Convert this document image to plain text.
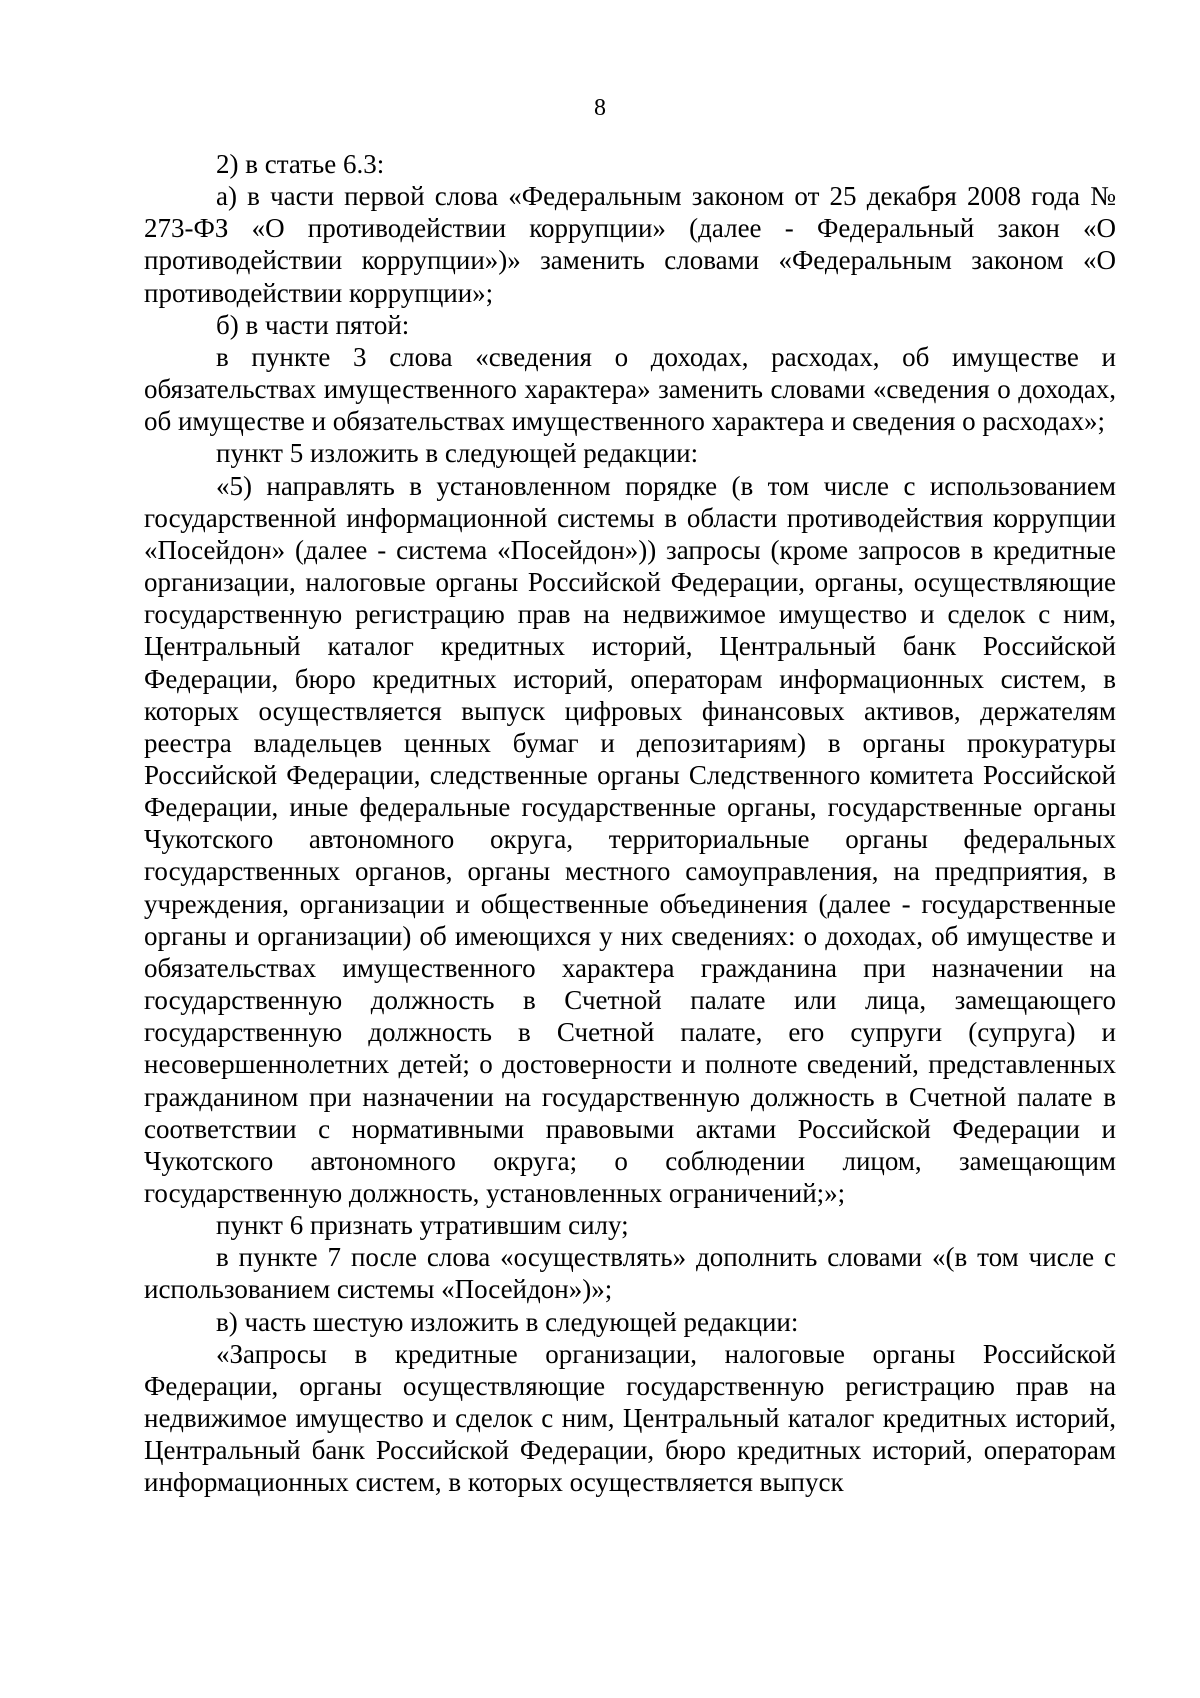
8

2) в статье 6.3:

а) в части первой слова «Федеральным законом от 25 декабря 2008 года № 273-ФЗ «О противодействии коррупции» (далее - Федеральный закон «О противодействии коррупции»)» заменить словами «Федеральным законом «О противодействии коррупции»;

б) в части пятой:

в пункте 3 слова «сведения о доходах, расходах, об имуществе и обязательствах имущественного характера» заменить словами «сведения о доходах, об имуществе и обязательствах имущественного характера и сведения о расходах»;

пункт 5 изложить в следующей редакции:

«5) направлять в установленном порядке (в том числе с использованием государственной информационной системы в области противодействия коррупции «Посейдон» (далее - система «Посейдон»)) запросы (кроме запросов в кредитные организации, налоговые органы Российской Федерации, органы, осуществляющие государственную регистрацию прав на недвижимое имущество и сделок с ним, Центральный каталог кредитных историй, Центральный банк Российской Федерации, бюро кредитных историй, операторам информационных систем, в которых осуществляется выпуск цифровых финансовых активов, держателям реестра владельцев ценных бумаг и депозитариям) в органы прокуратуры Российской Федерации, следственные органы Следственного комитета Российской Федерации, иные федеральные государственные органы, государственные органы Чукотского автономного округа, территориальные органы федеральных государственных органов, органы местного самоуправления, на предприятия, в учреждения, организации и общественные объединения (далее - государственные органы и организации) об имеющихся у них сведениях: о доходах, об имуществе и обязательствах имущественного характера гражданина при назначении на государственную должность в Счетной палате или лица, замещающего государственную должность в Счетной палате, его супруги (супруга) и несовершеннолетних детей; о достоверности и полноте сведений, представленных гражданином при назначении на государственную должность в Счетной палате в соответствии с нормативными правовыми актами Российской Федерации и Чукотского автономного округа; о соблюдении лицом, замещающим государственную должность, установленных ограничений;»;

пункт 6 признать утратившим силу;

в пункте 7 после слова «осуществлять» дополнить словами «(в том числе с использованием системы «Посейдон»)»;

в) часть шестую изложить в следующей редакции:

«Запросы в кредитные организации, налоговые органы Российской Федерации, органы осуществляющие государственную регистрацию прав на недвижимое имущество и сделок с ним, Центральный каталог кредитных историй, Центральный банк Российской Федерации, бюро кредитных историй, операторам информационных систем, в которых осуществляется выпуск
